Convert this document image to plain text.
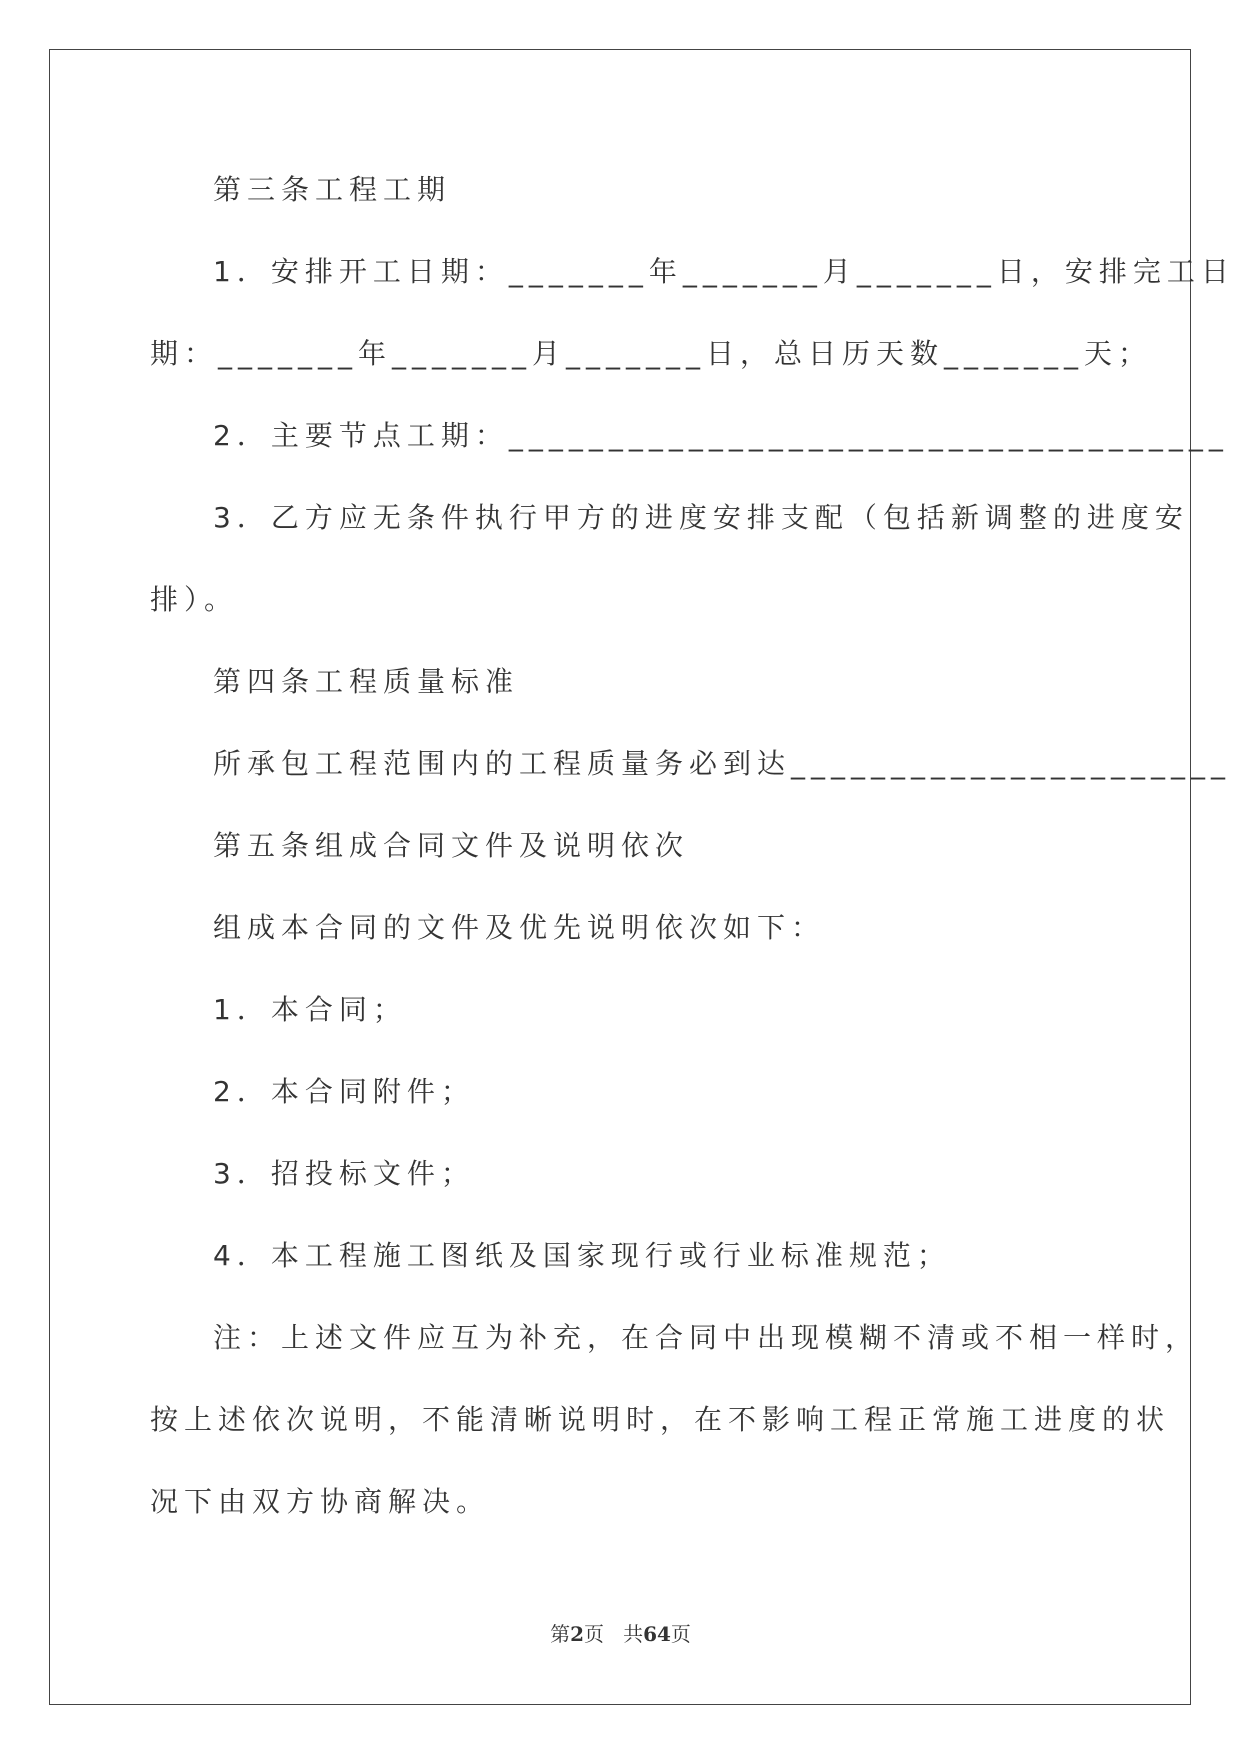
第三条工程工期
1．安排开工日期：_______年_______月_______日，安排完工日
期：_______年_______月_______日，总日历天数_______天；
2．主要节点工期：____________________________________
3．乙方应无条件执行甲方的进度安排支配（包括新调整的进度安
排）。
第四条工程质量标准
所承包工程范围内的工程质量务必到达______________________
第五条组成合同文件及说明依次
组成本合同的文件及优先说明依次如下：
1．本合同；
2．本合同附件；
3．招投标文件；
4．本工程施工图纸及国家现行或行业标准规范；
注：上述文件应互为补充，在合同中出现模糊不清或不相一样时，
按上述依次说明，不能清晰说明时，在不影响工程正常施工进度的状
况下由双方协商解决。
第2页 共64页
